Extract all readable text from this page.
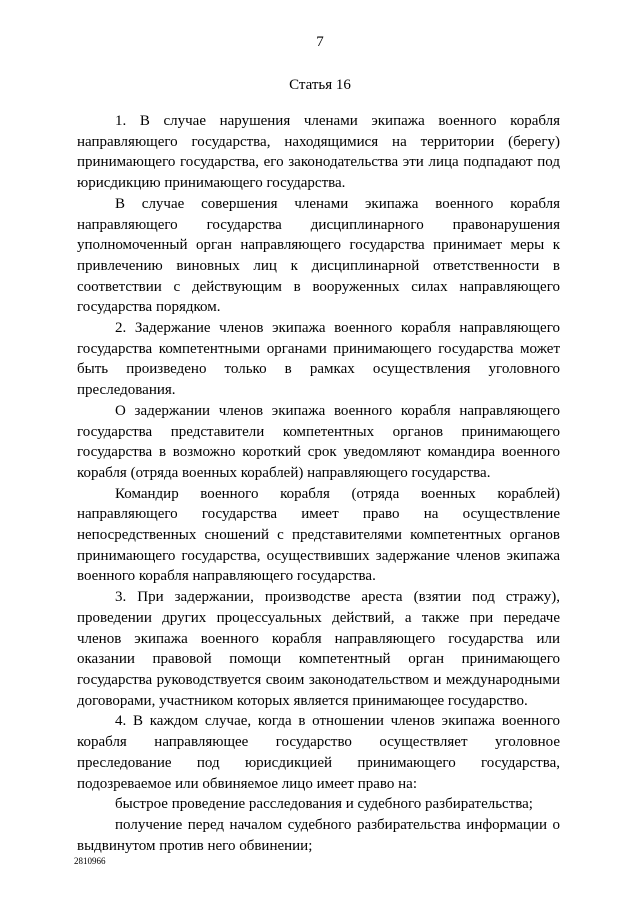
7
Статья 16

1. В случае нарушения членами экипажа военного корабля направляющего государства, находящимися на территории (берегу) принимающего государства, его законодательства эти лица подпадают под юрисдикцию принимающего государства.

В случае совершения членами экипажа военного корабля направляющего государства дисциплинарного правонарушения уполномоченный орган направляющего государства принимает меры к привлечению виновных лиц к дисциплинарной ответственности в соответствии с действующим в вооруженных силах направляющего государства порядком.

2. Задержание членов экипажа военного корабля направляющего государства компетентными органами принимающего государства может быть произведено только в рамках осуществления уголовного преследования.

О задержании членов экипажа военного корабля направляющего государства представители компетентных органов принимающего государства в возможно короткий срок уведомляют командира военного корабля (отряда военных кораблей) направляющего государства.

Командир военного корабля (отряда военных кораблей) направляющего государства имеет право на осуществление непосредственных сношений с представителями компетентных органов принимающего государства, осуществивших задержание членов экипажа военного корабля направляющего государства.

3. При задержании, производстве ареста (взятии под стражу), проведении других процессуальных действий, а также при передаче членов экипажа военного корабля направляющего государства или оказании правовой помощи компетентный орган принимающего государства руководствуется своим законодательством и международными договорами, участником которых является принимающее государство.

4. В каждом случае, когда в отношении членов экипажа военного корабля направляющее государство осуществляет уголовное преследование под юрисдикцией принимающего государства, подозреваемое или обвиняемое лицо имеет право на:

быстрое проведение расследования и судебного разбирательства;

получение перед началом судебного разбирательства информации о выдвинутом против него обвинении;

2810966
